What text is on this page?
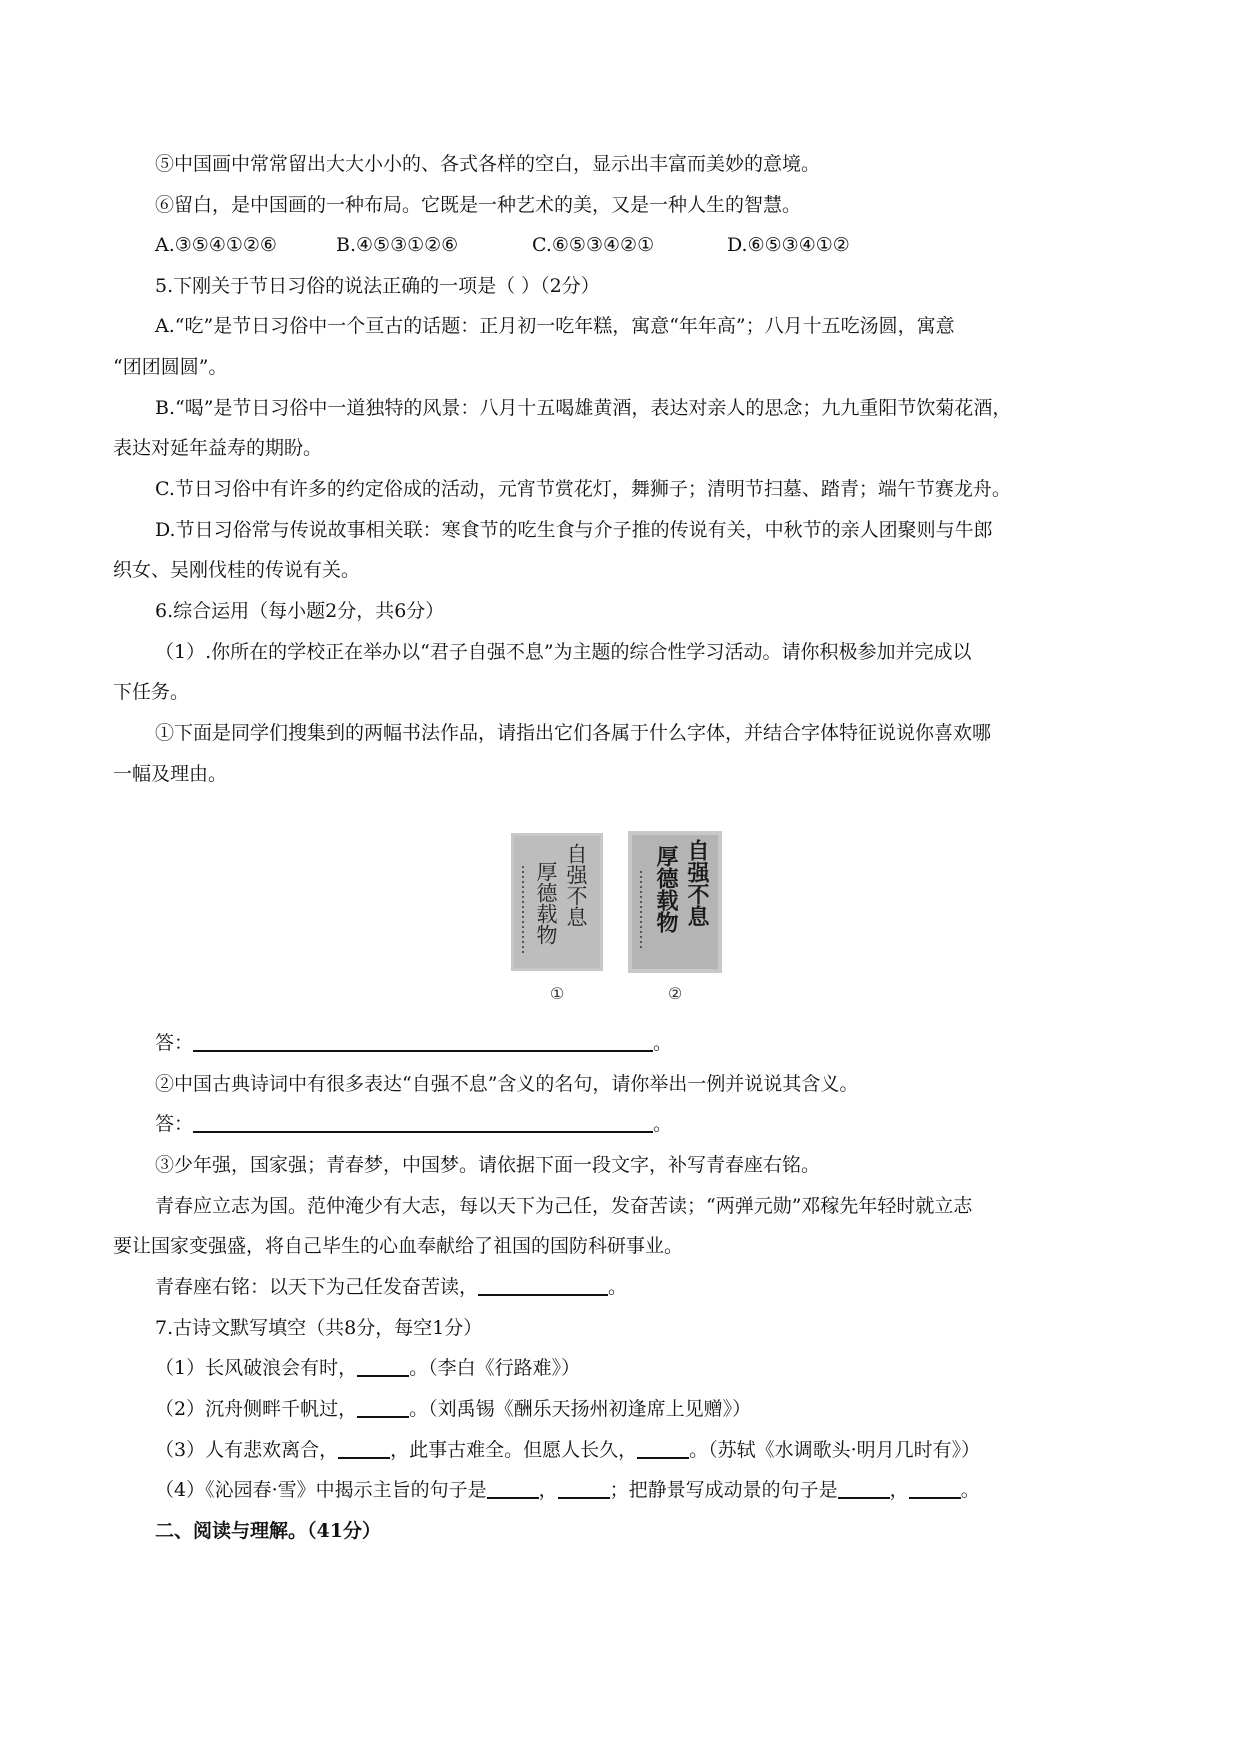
⑤中国画中常常留出大大小小的、各式各样的空白，显示出丰富而美妙的意境。
⑥留白，是中国画的一种布局。它既是一种艺术的美，又是一种人生的智慧。
A.③⑤④①②⑥	B.④⑤③①②⑥	C.⑥⑤③④②①	D.⑥⑤③④①②
5.下刚关于节日习俗的说法正确的一项是（ ）（2分）
A.“吃”是节日习俗中一个亘古的话题：正月初一吃年糕，寓意“年年高”；八月十五吃汤圆，寓意
“团团圆圆”。
B.“喝”是节日习俗中一道独特的风景：八月十五喝雄黄酒，表达对亲人的思念；九九重阳节饮菊花酒，
表达对延年益寿的期盼。
C.节日习俗中有许多的约定俗成的活动，元宵节赏花灯，舞狮子；清明节扫墓、踏青；端午节赛龙舟。
D.节日习俗常与传说故事相关联：寒食节的吃生食与介子推的传说有关，中秋节的亲人团聚则与牛郎
织女、吴刚伐桂的传说有关。
6.综合运用（每小题2分，共6分）
（1）.你所在的学校正在举办以“君子自强不息”为主题的综合性学习活动。请你积极参加并完成以
下任务。
①下面是同学们搜集到的两幅书法作品，请指出它们各属于什么字体，并结合字体特征说说你喜欢哪
一幅及理由。
厚德载物 自强不息
①
厚德载物 自强不息
②
答：	。
②中国古典诗词中有很多表达“自强不息”含义的名句，请你举出一例并说说其含义。
答：	。
③少年强，国家强；青春梦，中国梦。请依据下面一段文字，补写青春座右铭。
青春应立志为国。范仲淹少有大志，每以天下为己任，发奋苦读；“两弹元勋”邓稼先年轻时就立志
要让国家变强盛，将自己毕生的心血奉献给了祖国的国防科研事业。
青春座右铭：以天下为己任发奋苦读，	。
7.古诗文默写填空（共8分，每空1分）
（1）长风破浪会有时，	。（李白《行路难》）
（2）沉舟侧畔千帆过，	。（刘禹锡《酬乐天扬州初逢席上见赠》）
（3）人有悲欢离合，	，此事古难全。但愿人长久，	。（苏轼《水调歌头·明月几时有》）
（4）《沁园春·雪》中揭示主旨的句子是	，	；把静景写成动景的句子是	，	。
二、阅读与理解。（41分）
